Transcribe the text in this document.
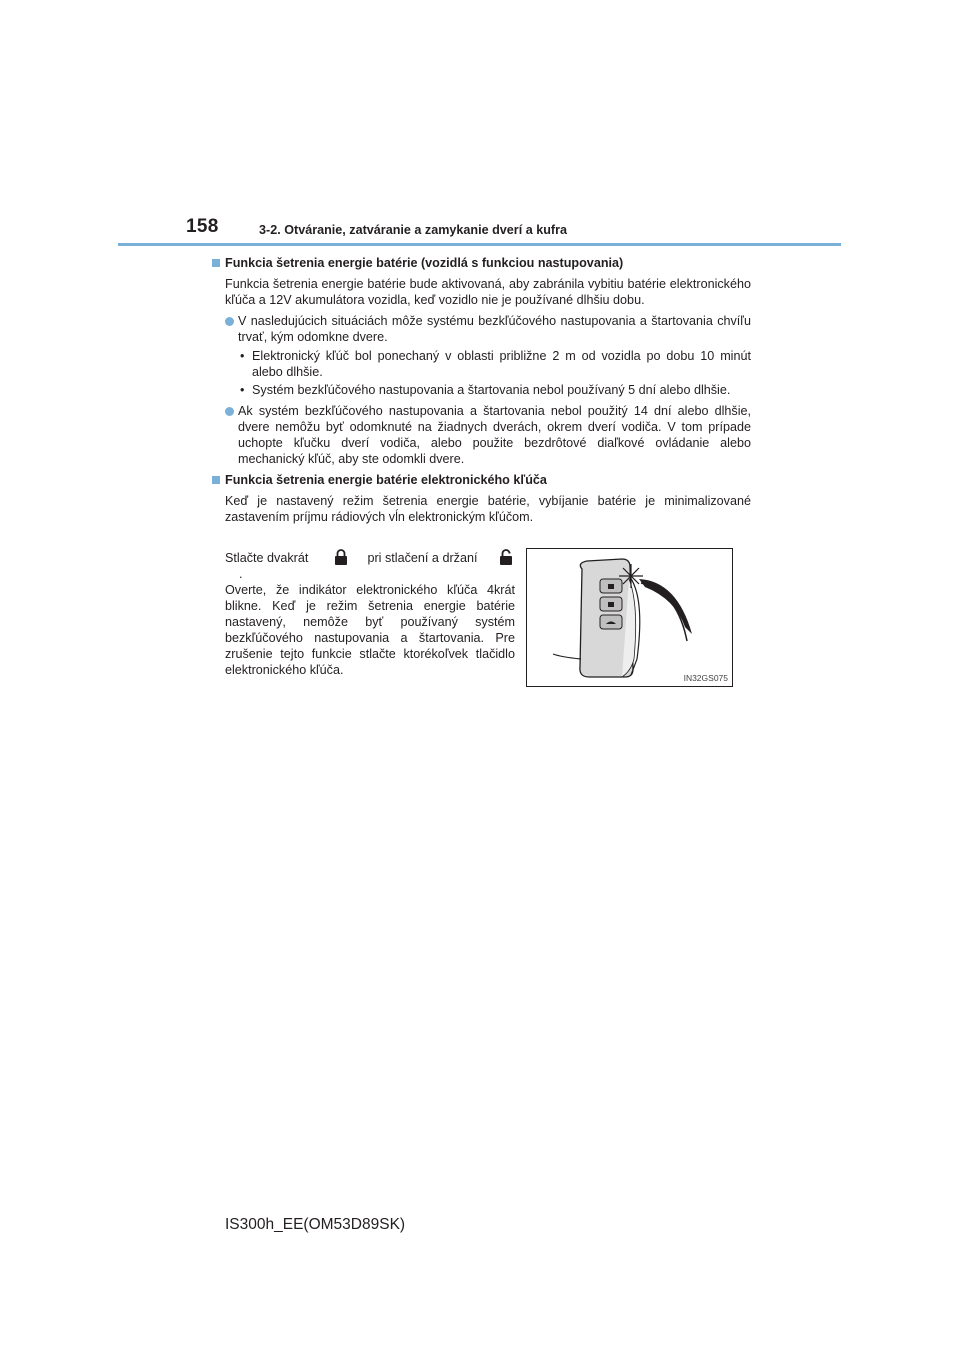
158	3-2. Otváranie, zatváranie a zamykanie dverí a kufra
Funkcia šetrenia energie batérie (vozidlá s funkciou nastupovania)
Funkcia šetrenia energie batérie bude aktivovaná, aby zabránila vybitiu batérie elektronického kľúča a 12V akumulátora vozidla, keď vozidlo nie je používané dlhšiu dobu.
V nasledujúcich situáciách môže systému bezkľúčového nastupovania a štartovania chvíľu trvať, kým odomkne dvere.
• Elektronický kľúč bol ponechaný v oblasti približne 2 m od vozidla po dobu 10 minút alebo dlhšie.
• Systém bezkľúčového nastupovania a štartovania nebol používaný 5 dní alebo dlhšie.
Ak systém bezkľúčového nastupovania a štartovania nebol použitý 14 dní alebo dlhšie, dvere nemôžu byť odomknuté na žiadnych dverách, okrem dverí vodiča. V tom prípade uchopte kľučku dverí vodiča, alebo použite bezdrôtové diaľkové ovládanie alebo mechanický kľúč, aby ste odomkli dvere.
Funkcia šetrenia energie batérie elektronického kľúča
Keď je nastavený režim šetrenia energie batérie, vybíjanie batérie je minimalizované zastavením príjmu rádiových vĺn elektronickým kľúčom.
Stlačte dvakrát	pri stlačení a držaní  .
Overte, že indikátor elektronického kľúča 4krát blikne. Keď je režim šetrenia energie batérie nastavený, nemôže byť používaný systém bezkľúčového nastupovania a štartovania. Pre zrušenie tejto funkcie stlačte ktorékoľvek tlačidlo elektronického kľúča.
IN32GS075
IS300h_EE(OM53D89SK)
